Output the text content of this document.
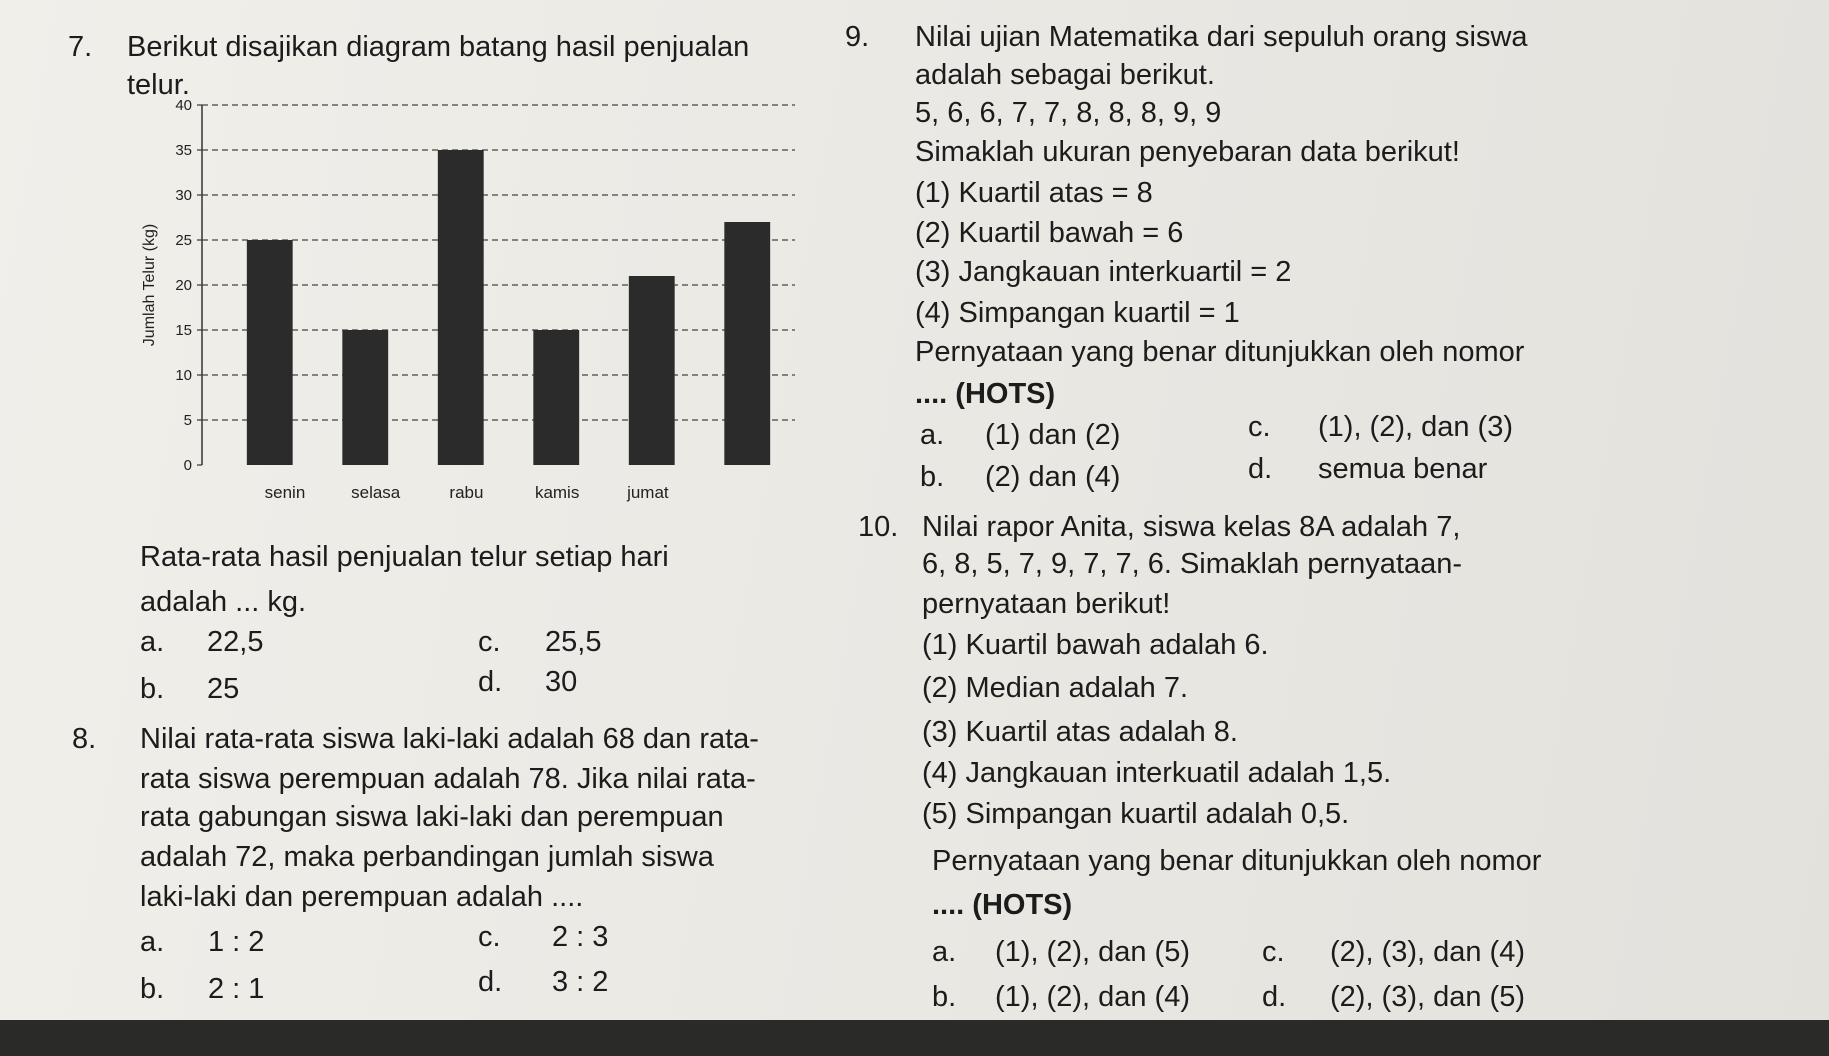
7. Berikut disajikan diagram batang hasil penjualan
telur.
0
5
10
15
20
25
30
35
40
Jumlah Telur (kg)
senin	selasa	rabu	kamis	jumat
Rata-rata hasil penjualan telur setiap hari
adalah ... kg.
a. 22,5
b. 25
c. 25,5
d. 30
8. Nilai rata-rata siswa laki-laki adalah 68 dan rata-
rata siswa perempuan adalah 78. Jika nilai rata-
rata gabungan siswa laki-laki dan perempuan
adalah 72, maka perbandingan jumlah siswa
laki-laki dan perempuan adalah ....
a. 1 : 2
b. 2 : 1
c. 2 : 3
d. 3 : 2
9. Nilai ujian Matematika dari sepuluh orang siswa
adalah sebagai berikut.
5, 6, 6, 7, 7, 8, 8, 8, 9, 9
Simaklah ukuran penyebaran data berikut!
(1) Kuartil atas = 8
(2) Kuartil bawah = 6
(3) Jangkauan interkuartil = 2
(4) Simpangan kuartil = 1
Pernyataan yang benar ditunjukkan oleh nomor
.... (HOTS)
a. (1) dan (2)
b. (2) dan (4)
c. (1), (2), dan (3)
d. semua benar
10. Nilai rapor Anita, siswa kelas 8A adalah 7,
6, 8, 5, 7, 9, 7, 7, 6. Simaklah pernyataan-
pernyataan berikut!
(1) Kuartil bawah adalah 6.
(2) Median adalah 7.
(3) Kuartil atas adalah 8.
(4) Jangkauan interkuatil adalah 1,5.
(5) Simpangan kuartil adalah 0,5.
Pernyataan yang benar ditunjukkan oleh nomor
.... (HOTS)
a. (1), (2), dan (5)
b. (1), (2), dan (4)
c. (2), (3), dan (4)
d. (2), (3), dan (5)
